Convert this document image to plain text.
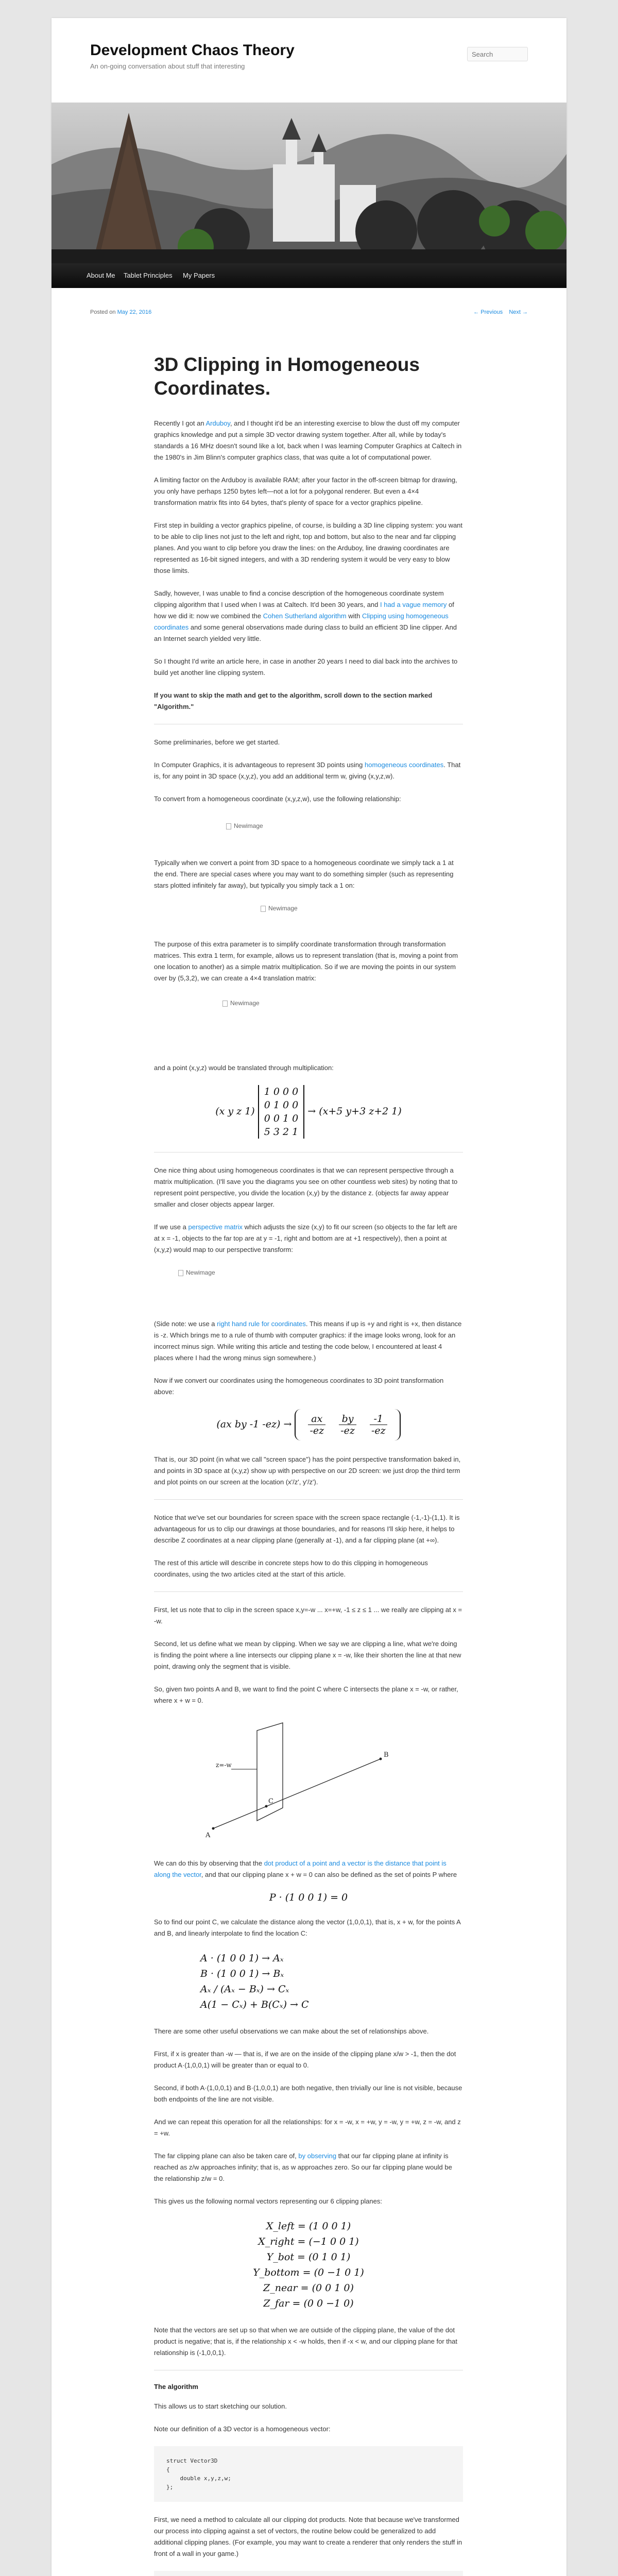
Development Chaos Theory
An on-going conversation about stuff that interesting
Search
About Me Tablet Principles My Papers
Posted on May 22, 2016	← Previous Next →
3D Clipping in Homogeneous Coordinates.

Recently I got an Arduboy, and I thought it'd be an interesting exercise to blow the dust off my computer graphics knowledge and put a simple 3D vector drawing system together. After all, while by today's standards a 16 MHz doesn't sound like a lot, back when I was learning Computer Graphics at Caltech in the 1980's in Jim Blinn's computer graphics class, that was quite a lot of computational power.

A limiting factor on the Arduboy is available RAM; after your factor in the off-screen bitmap for drawing, you only have perhaps 1250 bytes left—not a lot for a polygonal renderer. But even a 4×4 transformation matrix fits into 64 bytes, that's plenty of space for a vector graphics pipeline.

First step in building a vector graphics pipeline, of course, is building a 3D line clipping system: you want to be able to clip lines not just to the left and right, top and bottom, but also to the near and far clipping planes. And you want to clip before you draw the lines: on the Arduboy, line drawing coordinates are represented as 16-bit signed integers, and with a 3D rendering system it would be very easy to blow those limits.

Sadly, however, I was unable to find a concise description of the homogeneous coordinate system clipping algorithm that I used when I was at Caltech. It'd been 30 years, and I had a vague memory of how we did it: now we combined the Cohen Sutherland algorithm with Clipping using homogeneous coordinates and some general observations made during class to build an efficient 3D line clipper. And an Internet search yielded very little.

So I thought I'd write an article here, in case in another 20 years I need to dial back into the archives to build yet another line clipping system.

If you want to skip the math and get to the algorithm, scroll down to the section marked "Algorithm."

Some preliminaries, before we get started.

In Computer Graphics, it is advantageous to represent 3D points using homogeneous coordinates. That is, for any point in 3D space (x,y,z), you add an additional term w, giving (x,y,z,w).

To convert from a homogeneous coordinate (x,y,z,w), use the following relationship:

Newimage

Typically when we convert a point from 3D space to a homogeneous coordinate we simply tack a 1 at the end. There are special cases where you may want to do something simpler (such as representing stars plotted infinitely far away), but typically you simply tack a 1 on:

Newimage

The purpose of this extra parameter is to simplify coordinate transformation through transformation matrices. This extra 1 term, for example, allows us to represent translation (that is, moving a point from one location to another) as a simple matrix multiplication. So if we are moving the points in our system over by (5,3,2), we can create a 4×4 translation matrix:

Newimage

and a point (x,y,z) would be translated through multiplication:

(x y z 1)
1 0 0 0
0 1 0 0
0 0 1 0
5 3 2 1
→ (x+5 y+3 z+2 1)

One nice thing about using homogeneous coordinates is that we can represent perspective through a matrix multiplication. (I'll save you the diagrams you see on other countless web sites) by noting that to represent point perspective, you divide the location (x,y) by the distance z. (objects far away appear smaller and closer objects appear larger.

If we use a perspective matrix which adjusts the size (x,y) to fit our screen (so objects to the far left are at x = -1, objects to the far top are at y = -1, right and bottom are at +1 respectively), then a point at (x,y,z) would map to our perspective transform:

Newimage

(Side note: we use a right hand rule for coordinates. This means if up is +y and right is +x, then distance is -z. Which brings me to a rule of thumb with computer graphics: if the image looks wrong, look for an incorrect minus sign. While writing this article and testing the code below, I encountered at least 4 places where I had the wrong minus sign somewhere.)

Now if we convert our coordinates using the homogeneous coordinates to 3D point transformation above:

(ax by -1 $-ez) \to \frac{ax}{-ez}$
$\frac{by}{-ez}$
$\frac{-1}{-ez}$

That is, our 3D point (in what we call "screen space") has the point perspective transformation baked in, and points in 3D space at (x,y,z) show up with perspective on our 2D screen: we just drop the third term and plot points on our screen at the location (x'/z', y'/z').

Notice that we've set our boundaries for screen space with the screen space rectangle (-1,-1)-(1,1). It is advantageous for us to clip our drawings at those boundaries, and for reasons I'll skip here, it helps to describe Z coordinates at a near clipping plane (generally at -1), and a far clipping plane (at +∞).

The rest of this article will describe in concrete steps how to do this clipping in homogeneous coordinates, using the two articles cited at the start of this article.

First, let us note that to clip in the screen space x,y=-w ... x=+w, -1 ≤ z ≤ 1 ... we really are clipping at x = -w.

Second, let us define what we mean by clipping. When we say we are clipping a line, what we're doing is finding the point where a line intersects our clipping plane x = -w, like their shorten the line at that new point, drawing only the segment that is visible.

So, given two points A and B, we want to find the point C where C intersects the plane x = -w, or rather, where x + w = 0.

A
B
C
z=-w

We can do this by observing that the dot product of a point and a vector is the distance that point is along the vector, and that our clipping plane x + w = 0 can also be defined as the set of points P where

P · (1 0 0 1) = 0

So to find our point C, we calculate the distance along the vector (1,0,0,1), that is, x + w, for the points A and B, and linearly interpolate to find the location C:

A · (1 0 0 1) → Aₓ
B · (1 0 0 1) → Bₓ
Aₓ / (Aₓ − Bₓ) → Cₓ
A(1 − Cₓ) + B(Cₓ) → C

There are some other useful observations we can make about the set of relationships above.

First, if x is greater than -w — that is, if we are on the inside of the clipping plane x/w > -1, then the dot product A·(1,0,0,1) will be greater than or equal to 0.

Second, if both A·(1,0,0,1) and B·(1,0,0,1) are both negative, then trivially our line is not visible, because both endpoints of the line are not visible.

And we can repeat this operation for all the relationships: for x = -w, x = +w, y = -w, y = +w, z = -w, and z = +w.

The far clipping plane can also be taken care of, by observing that our far clipping plane at infinity is reached as z/w approaches infinity; that is, as w approaches zero. So our far clipping plane would be the relationship z/w = 0.

This gives us the following normal vectors representing our 6 clipping planes:

X_left = (1 0 0 1)
X_right = (−1 0 0 1)
Y_bot = (0 1 0 1)
Y_bottom = (0 −1 0 1)
Z_near = (0 0 1 0)
Z_far = (0 0 −1 0)

Note that the vectors are set up so that when we are outside of the clipping plane, the value of the dot product is negative; that is, if the relationship x < -w holds, then if -x < w, and our clipping plane for that relationship is (-1,0,0,1).

The algorithm

This allows us to start sketching our solution.

Note our definition of a 3D vector is a homogeneous vector:

struct Vector3D
{
double x,y,z,w;
};

First, we need a method to calculate all our clipping dot products. Note that because we've transformed our process into clipping against a set of vectors, the routine below could be generalized to add additional clipping planes. (For example, you may want to create a renderer that only renders the stuff in front of a wall in your game.)
